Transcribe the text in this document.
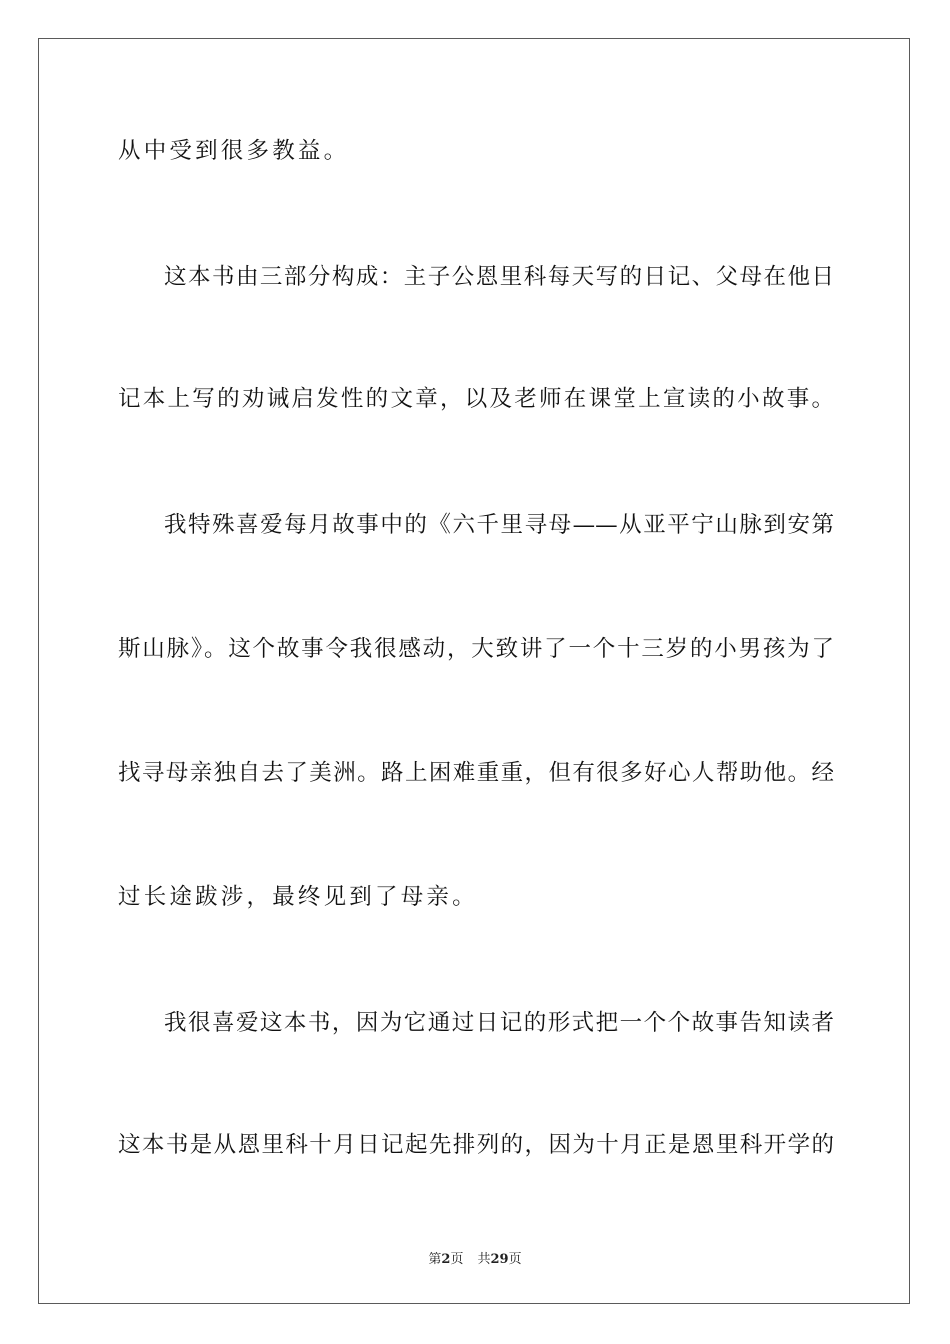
从中受到很多教益。
这本书由三部分构成：主子公恩里科每天写的日记、父母在他日
记本上写的劝诫启发性的文章，以及老师在课堂上宣读的小故事。
我特殊喜爱每月故事中的《六千里寻母——从亚平宁山脉到安第
斯山脉》。这个故事令我很感动，大致讲了一个十三岁的小男孩为了
找寻母亲独自去了美洲。路上困难重重，但有很多好心人帮助他。经
过长途跋涉，最终见到了母亲。
我很喜爱这本书，因为它通过日记的形式把一个个故事告知读者
这本书是从恩里科十月日记起先排列的，因为十月正是恩里科开学的
第2页 共29页
